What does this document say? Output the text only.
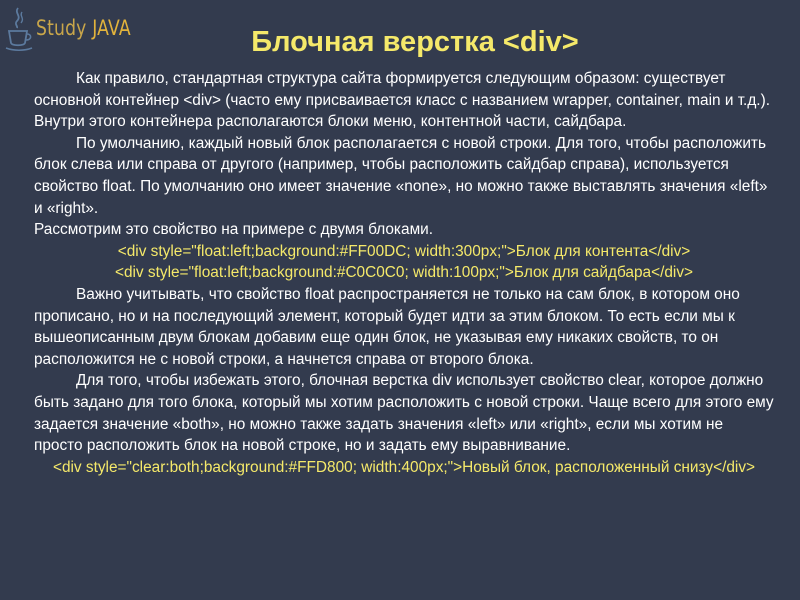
Study JAVA	Блочная верстка <div>

Как правило, стандартная структура сайта формируется следующим образом: существует основной контейнер <div> (часто ему присваивается класс с названием wrapper, container, main и т.д.). Внутри этого контейнера располагаются блоки меню, контентной части, сайдбара.

По умолчанию, каждый новый блок располагается с новой строки. Для того, чтобы расположить блок слева или справа от другого (например, чтобы расположить сайдбар справа), используется свойство float. По умолчанию оно имеет значение «none», но можно также выставлять значения «left» и «right».

Рассмотрим это свойство на примере с двумя блоками.

<div style="float:left;background:#FF00DC; width:300px;">Блок для контента</div>

<div style="float:left;background:#C0C0C0; width:100px;">Блок для сайдбара</div>

Важно учитывать, что свойство float распространяется не только на сам блок, в котором оно прописано, но и на последующий элемент, который будет идти за этим блоком. То есть если мы к вышеописанным двум блокам добавим еще один блок, не указывая ему никаких свойств, то он расположится не с новой строки, а начнется справа от второго блока.

Для того, чтобы избежать этого, блочная верстка div использует свойство clear, которое должно быть задано для того блока, который мы хотим расположить с новой строки. Чаще всего для этого ему задается значение «both», но можно также задать значения «left» или «right», если мы хотим не просто расположить блок на новой строке, но и задать ему выравнивание.

<div style="clear:both;background:#FFD800; width:400px;">Новый блок, расположенный снизу</div>
